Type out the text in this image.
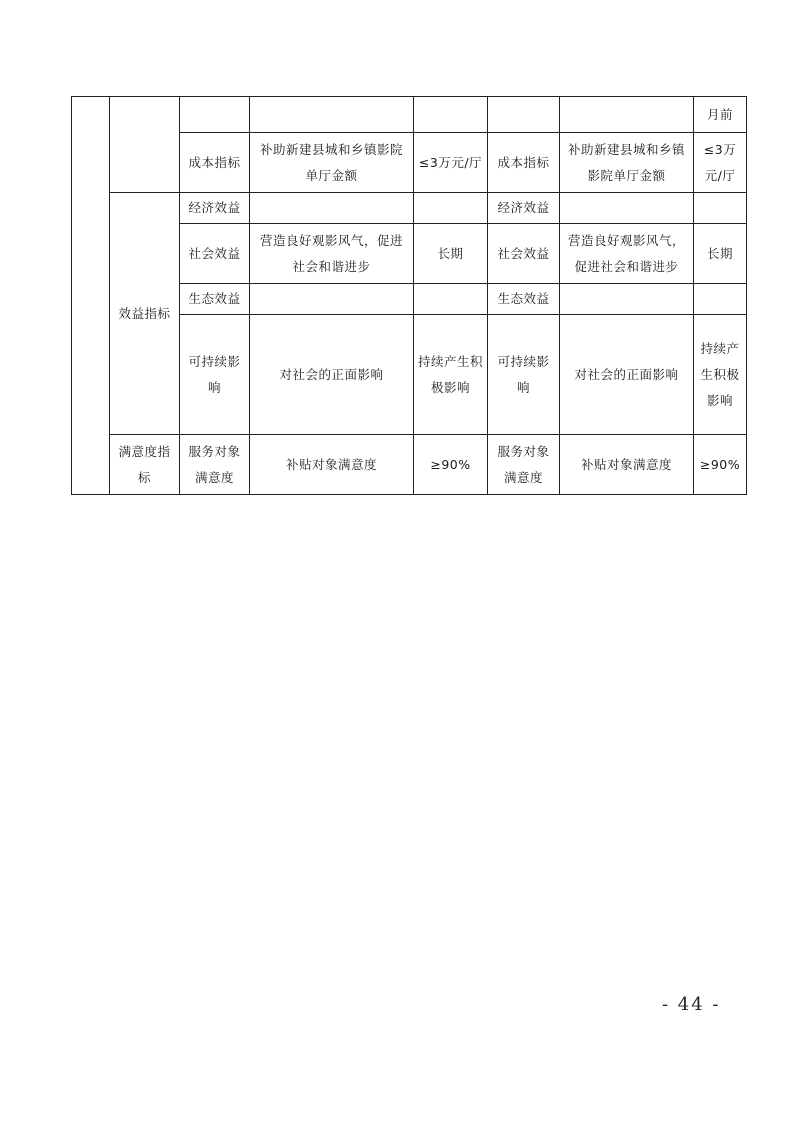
							月前
		成本指标	补助新建县城和乡镇影院单厅金额	≤3万元/厅	成本指标	补助新建县城和乡镇影院单厅金额	≤3万元/厅
	效益指标	经济效益			经济效益		
		社会效益	营造良好观影风气，促进社会和谐进步	长期	社会效益	营造良好观影风气，促进社会和谐进步	长期
		生态效益			生态效益		
		可持续影响	对社会的正面影响	持续产生积极影响	可持续影响	对社会的正面影响	持续产生积极影响
	满意度指标	服务对象满意度	补贴对象满意度	≥90%	服务对象满意度	补贴对象满意度	≥90%
- 44 -
